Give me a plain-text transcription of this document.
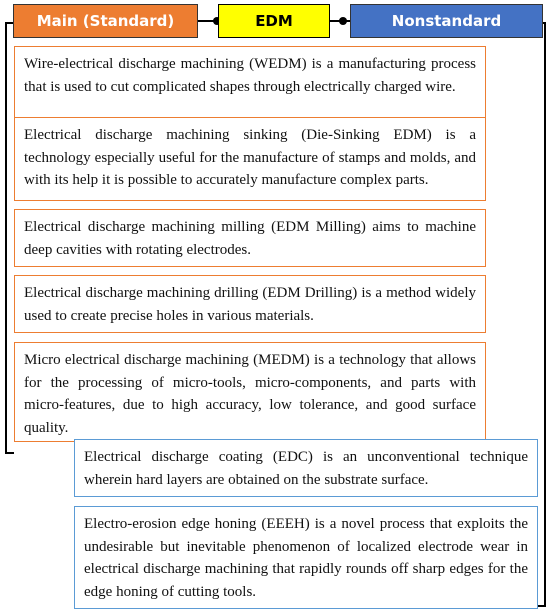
Main (Standard)	EDM	Nonstandard
Wire-electrical discharge machining (WEDM) is a manufacturing process that is used to cut complicated shapes through electrically charged wire.
Electrical discharge machining sinking (Die-Sinking EDM) is a technology especially useful for the manufacture of stamps and molds, and with its help it is possible to accurately manufacture complex parts.
Electrical discharge machining milling (EDM Milling) aims to machine deep cavities with rotating electrodes.
Electrical discharge machining drilling (EDM Drilling) is a method widely used to create precise holes in various materials.
Micro electrical discharge machining (MEDM) is a technology that allows for the processing of micro-tools, micro-components, and parts with micro-features, due to high accuracy, low tolerance, and good surface quality.
Electrical discharge coating (EDC) is an unconventional technique wherein hard layers are obtained on the substrate surface.
Electro-erosion edge honing (EEEH) is a novel process that exploits the undesirable but inevitable phenomenon of localized electrode wear in electrical discharge machining that rapidly rounds off sharp edges for the edge honing of cutting tools.
